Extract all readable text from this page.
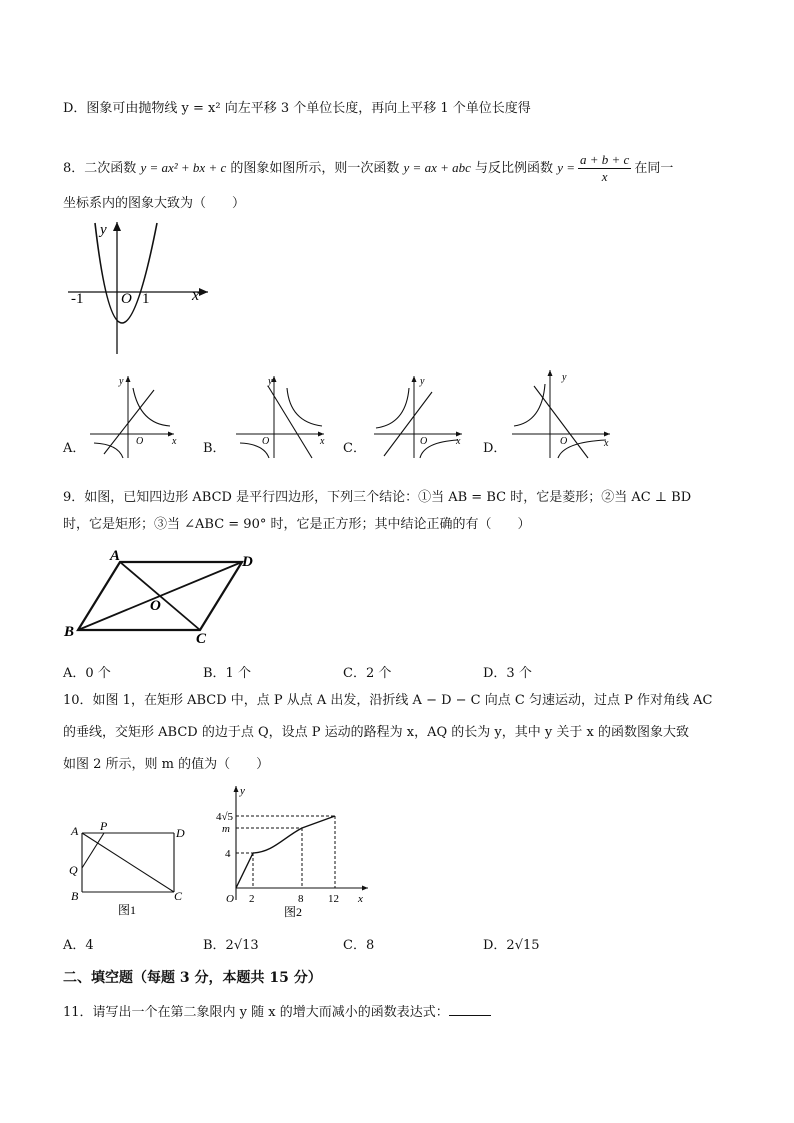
D．图象可由抛物线 y = x² 向左平移 3 个单位长度，再向上平移 1 个单位长度得
8．二次函数 y = ax² + bx + c 的图象如图所示，则一次函数 y = ax + abc 与反比例函数 $y = \frac{a + b + c}{x}$ 在同一
坐标系内的图象大致为（　　）
y
x
O
-1	1
y
x
O
A．
y
x
O
B．
y
x
O
C．
y
x
O
D．
9．如图，已知四边形 ABCD 是平行四边形，下列三个结论：①当 AB = BC 时，它是菱形；②当 AC ⊥ BD
时，它是矩形；③当 ∠ABC = 90° 时，它是正方形；其中结论正确的有（　　）
A	D
B	C
O
A．0 个	B．1 个	C．2 个	D．3 个
10．如图 1，在矩形 ABCD 中，点 P 从点 A 出发，沿折线 A − D − C 向点 C 匀速运动，过点 P 作对角线 AC
的垂线，交矩形 ABCD 的边于点 Q，设点 P 运动的路程为 x，AQ 的长为 y，其中 y 关于 x 的函数图象大致
如图 2 所示，则 m 的值为（　　）
A P	D
Q
B	C
图1
y
x
O
4√5
m
4
2	8 12
图2
A．4	B．2√13	C．8	D．2√15
二、填空题（每题 3 分，本题共 15 分）
11．请写出一个在第二象限内 y 随 x 的增大而减小的函数表达式：
